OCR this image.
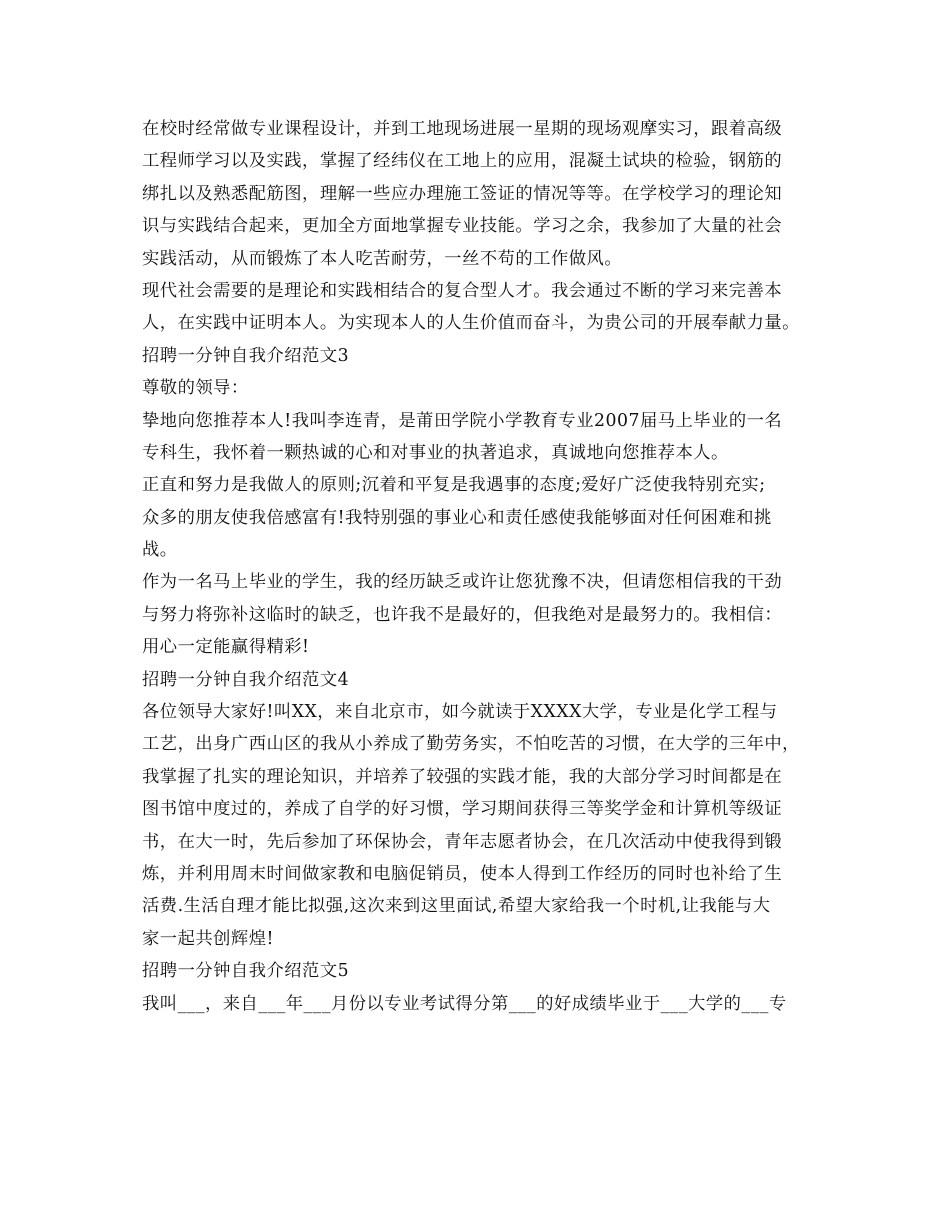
在校时经常做专业课程设计，并到工地现场进展一星期的现场观摩实习，跟着高级
工程师学习以及实践，掌握了经纬仪在工地上的应用，混凝土试块的检验，钢筋的
绑扎以及熟悉配筋图，理解一些应办理施工签证的情况等等。在学校学习的理论知
识与实践结合起来，更加全方面地掌握专业技能。学习之余，我参加了大量的社会
实践活动，从而锻炼了本人吃苦耐劳，一丝不苟的工作做风。
现代社会需要的是理论和实践相结合的复合型人才。我会通过不断的学习来完善本
人，在实践中证明本人。为实现本人的人生价值而奋斗，为贵公司的开展奉献力量。
招聘一分钟自我介绍范文3
尊敬的领导：
挚地向您推荐本人!我叫李连青，是莆田学院小学教育专业2007届马上毕业的一名
专科生，我怀着一颗热诚的心和对事业的执著追求，真诚地向您推荐本人。
正直和努力是我做人的原则;沉着和平复是我遇事的态度;爱好广泛使我特别充实;
众多的朋友使我倍感富有!我特别强的事业心和责任感使我能够面对任何困难和挑
战。
作为一名马上毕业的学生，我的经历缺乏或许让您犹豫不决，但请您相信我的干劲
与努力将弥补这临时的缺乏，也许我不是最好的，但我绝对是最努力的。我相信：
用心一定能赢得精彩!
招聘一分钟自我介绍范文4
各位领导大家好!叫XX，来自北京市，如今就读于XXXX大学，专业是化学工程与
工艺，出身广西山区的我从小养成了勤劳务实，不怕吃苦的习惯，在大学的三年中，
我掌握了扎实的理论知识，并培养了较强的实践才能，我的大部分学习时间都是在
图书馆中度过的，养成了自学的好习惯，学习期间获得三等奖学金和计算机等级证
书，在大一时，先后参加了环保协会，青年志愿者协会，在几次活动中使我得到锻
炼，并利用周末时间做家教和电脑促销员，使本人得到工作经历的同时也补给了生
活费.生活自理才能比拟强,这次来到这里面试,希望大家给我一个时机,让我能与大
家一起共创辉煌!
招聘一分钟自我介绍范文5
我叫___，来自___年___月份以专业考试得分第___的好成绩毕业于___大学的___专
